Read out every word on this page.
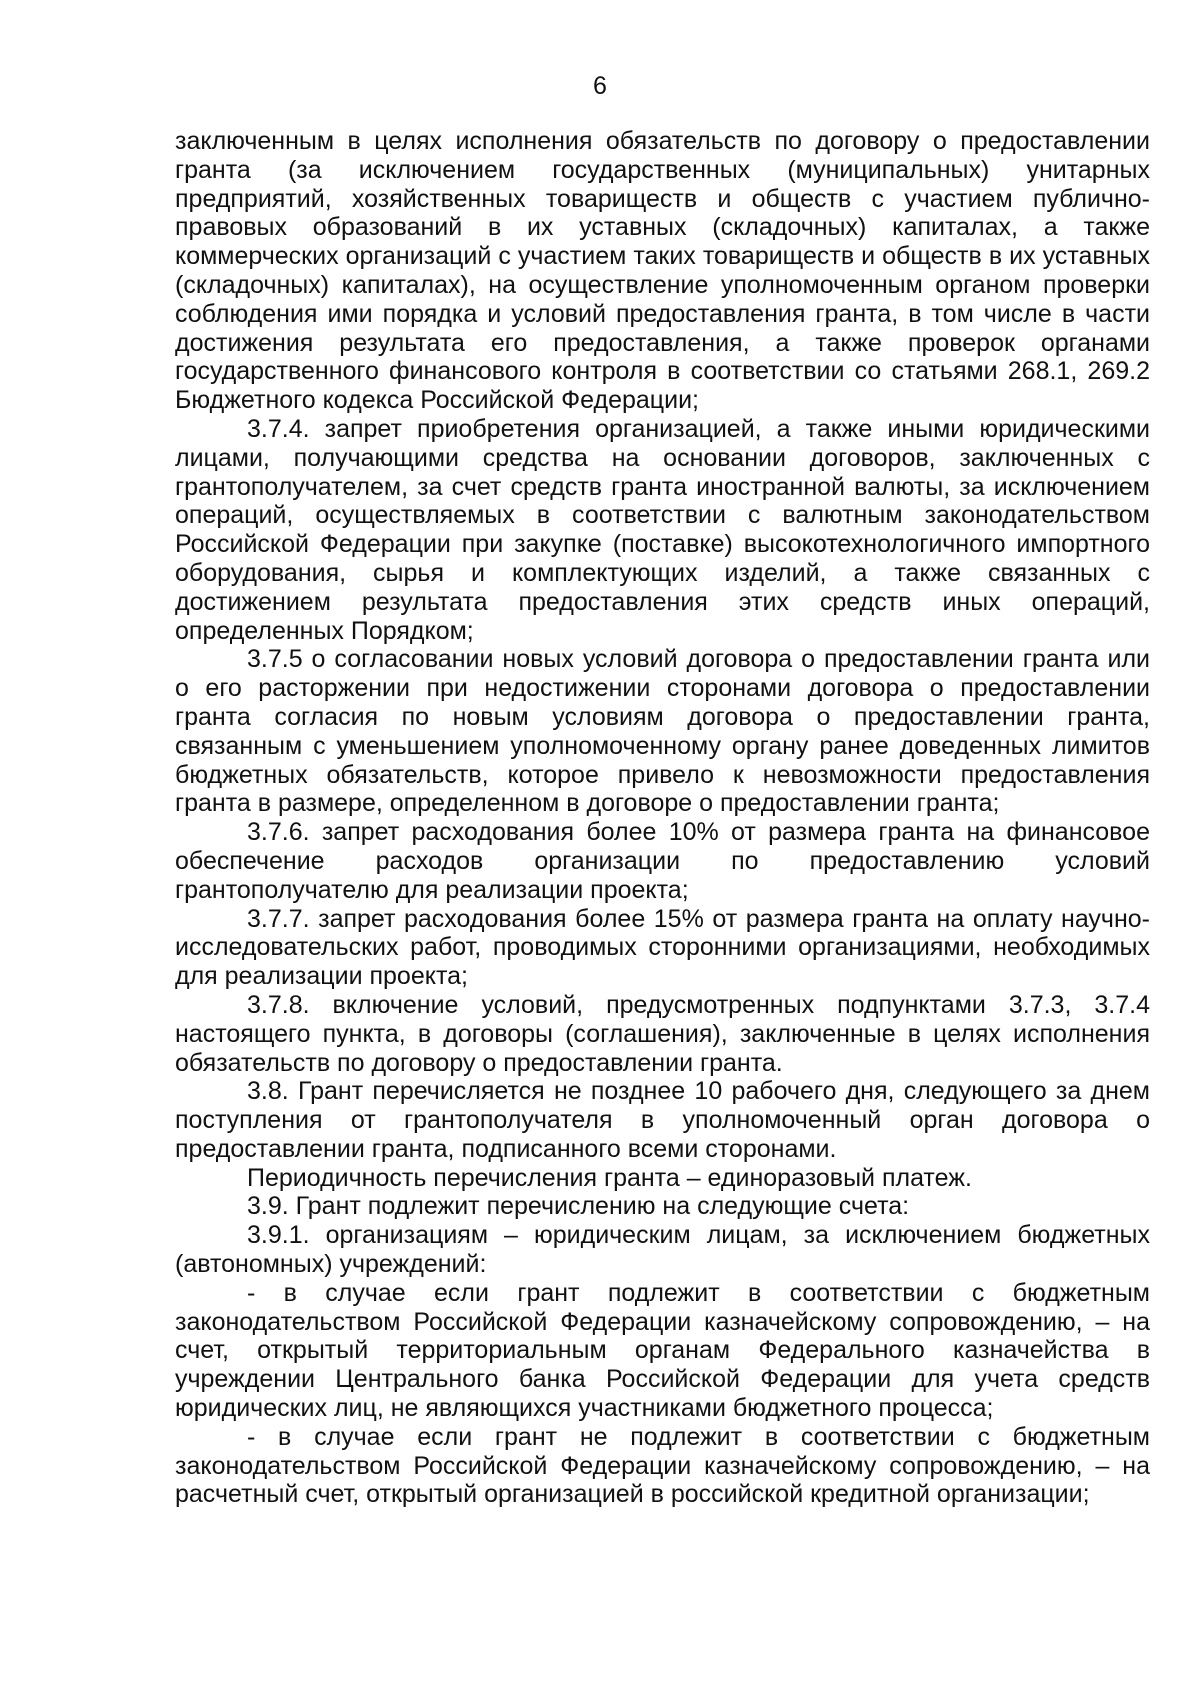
6

заключенным в целях исполнения обязательств по договору о предоставлении гранта (за исключением государственных (муниципальных) унитарных предприятий, хозяйственных товариществ и обществ с участием публично-правовых образований в их уставных (складочных) капиталах, а также коммерческих организаций с участием таких товариществ и обществ в их уставных (складочных) капиталах), на осуществление уполномоченным органом проверки соблюдения ими порядка и условий предоставления гранта, в том числе в части достижения результата его предоставления, а также проверок органами государственного финансового контроля в соответствии со статьями 268.1, 269.2 Бюджетного кодекса Российской Федерации;

3.7.4. запрет приобретения организацией, а также иными юридическими лицами, получающими средства на основании договоров, заключенных с грантополучателем, за счет средств гранта иностранной валюты, за исключением операций, осуществляемых в соответствии с валютным законодательством Российской Федерации при закупке (поставке) высокотехнологичного импортного оборудования, сырья и комплектующих изделий, а также связанных с достижением результата предоставления этих средств иных операций, определенных Порядком;

3.7.5 о согласовании новых условий договора о предоставлении гранта или о его расторжении при недостижении сторонами договора о предоставлении гранта согласия по новым условиям договора о предоставлении гранта, связанным с уменьшением уполномоченному органу ранее доведенных лимитов бюджетных обязательств, которое привело к невозможности предоставления гранта в размере, определенном в договоре о предоставлении гранта;

3.7.6. запрет расходования более 10% от размера гранта на финансовое обеспечение расходов организации по предоставлению условий грантополучателю для реализации проекта;

3.7.7. запрет расходования более 15% от размера гранта на оплату научно-исследовательских работ, проводимых сторонними организациями, необходимых для реализации проекта;

3.7.8. включение условий, предусмотренных подпунктами 3.7.3, 3.7.4 настоящего пункта, в договоры (соглашения), заключенные в целях исполнения обязательств по договору о предоставлении гранта.

3.8. Грант перечисляется не позднее 10 рабочего дня, следующего за днем поступления от грантополучателя в уполномоченный орган договора о предоставлении гранта, подписанного всеми сторонами.

Периодичность перечисления гранта – единоразовый платеж.

3.9. Грант подлежит перечислению на следующие счета:

3.9.1. организациям – юридическим лицам, за исключением бюджетных (автономных) учреждений:

- в случае если грант подлежит в соответствии с бюджетным законодательством Российской Федерации казначейскому сопровождению, – на счет, открытый территориальным органам Федерального казначейства в учреждении Центрального банка Российской Федерации для учета средств юридических лиц, не являющихся участниками бюджетного процесса;

- в случае если грант не подлежит в соответствии с бюджетным законодательством Российской Федерации казначейскому сопровождению, – на расчетный счет, открытый организацией в российской кредитной организации;
